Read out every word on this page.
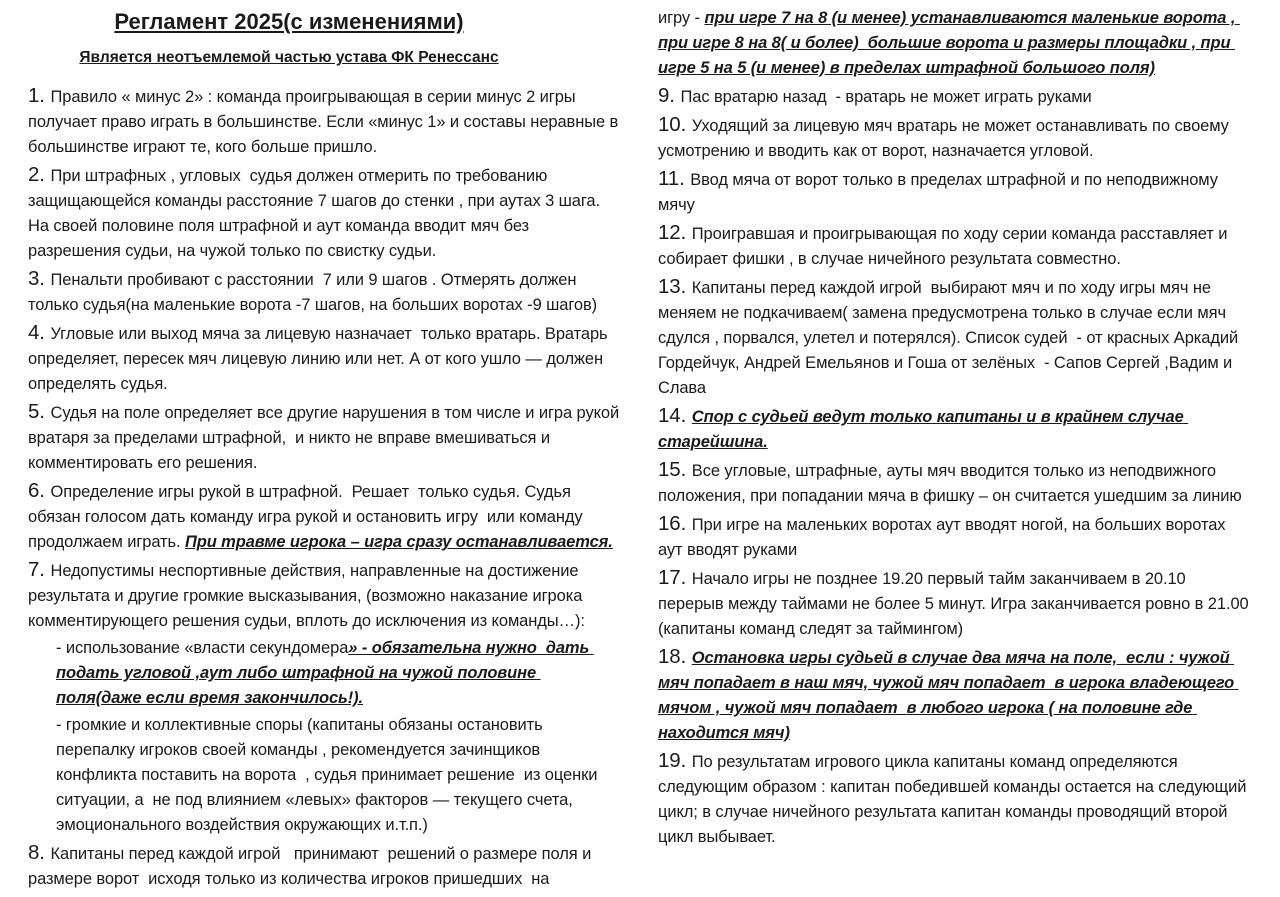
Регламент 2025(с изменениями)
Является неотъемлемой частью устава ФК Ренессанс

1. Правило « минус 2» : команда проигрывающая в серии минус 2 игры получает право играть в большинстве. Если «минус 1» и составы неравные в большинстве играют те, кого больше пришло.

2. При штрафных , угловых  судья должен отмерить по требованию защищающейся команды расстояние 7 шагов до стенки , при аутах 3 шага. На своей половине поля штрафной и аут команда вводит мяч без разрешения судьи, на чужой только по свистку судьи.

3. Пенальти пробивают с расстоянии  7 или 9 шагов . Отмерять должен только судья(на маленькие ворота -7 шагов, на больших воротах -9 шагов)

4. Угловые или выход мяча за лицевую назначает  только вратарь. Вратарь определяет, пересек мяч лицевую линию или нет. А от кого ушло — должен определять судья.

5. Судья на поле определяет все другие нарушения в том числе и игра рукой вратаря за пределами штрафной,  и никто не вправе вмешиваться и комментировать его решения.

6. Определение игры рукой в штрафной.  Решает  только судья. Судья обязан голосом дать команду игра рукой и остановить игру  или команду продолжаем играть. При травме игрока – игра сразу останавливается.

7. Недопустимы неспортивные действия, направленные на достижение результата и другие громкие высказывания, (возможно наказание игрока комментирующего решения судьи, вплоть до исключения из команды…):

- использование «власти секундомера» - обязательна нужно  дать подать угловой ,аут либо штрафной на чужой половине поля(даже если время закончилось!).

- громкие и коллективные споры (капитаны обязаны остановить перепалку игроков своей команды , рекомендуется зачинщиков конфликта поставить на ворота  , судья принимает решение  из оценки ситуации, а  не под влиянием «левых» факторов — текущего счета, эмоционального воздействия окружающих и.т.п.)

8. Капитаны перед каждой игрой   принимают  решений о размере поля и размере ворот  исходя только из количества игроков пришедших  на

игру - при игре 7 на 8 (и менее) устанавливаются маленькие ворота , при игре 8 на 8( и более)  большие ворота и размеры площадки , при игре 5 на 5 (и менее) в пределах штрафной большого поля)

9. Пас вратарю назад  - вратарь не может играть руками

10. Уходящий за лицевую мяч вратарь не может останавливать по своему усмотрению и вводить как от ворот, назначается угловой.

11. Ввод мяча от ворот только в пределах штрафной и по неподвижному мячу

12. Проигравшая и проигрывающая по ходу серии команда расставляет и собирает фишки , в случае ничейного результата совместно.

13. Капитаны перед каждой игрой  выбирают мяч и по ходу игры мяч не меняем не подкачиваем( замена предусмотрена только в случае если мяч сдулся , порвался, улетел и потерялся). Список судей  - от красных Аркадий Гордейчук, Андрей Емельянов и Гоша от зелёных  - Сапов Сергей ,Вадим и Слава

14. Спор с судьей ведут только капитаны и в крайнем случае старейшина.

15. Все угловые, штрафные, ауты мяч вводится только из неподвижного положения, при попадании мяча в фишку – он считается ушедшим за линию

16. При игре на маленьких воротах аут вводят ногой, на больших воротах аут вводят руками

17. Начало игры не позднее 19.20 первый тайм заканчиваем в 20.10 перерыв между таймами не более 5 минут. Игра заканчивается ровно в 21.00 (капитаны команд следят за таймингом)

18. Остановка игры судьей в случае два мяча на поле,  если : чужой мяч попадает в наш мяч, чужой мяч попадает  в игрока владеющего мячом , чужой мяч попадает  в любого игрока ( на половине где находится мяч)

19. По результатам игрового цикла капитаны команд определяются следующим образом : капитан победившей команды остается на следующий цикл; в случае ничейного результата капитан команды проводящий второй цикл выбывает.
